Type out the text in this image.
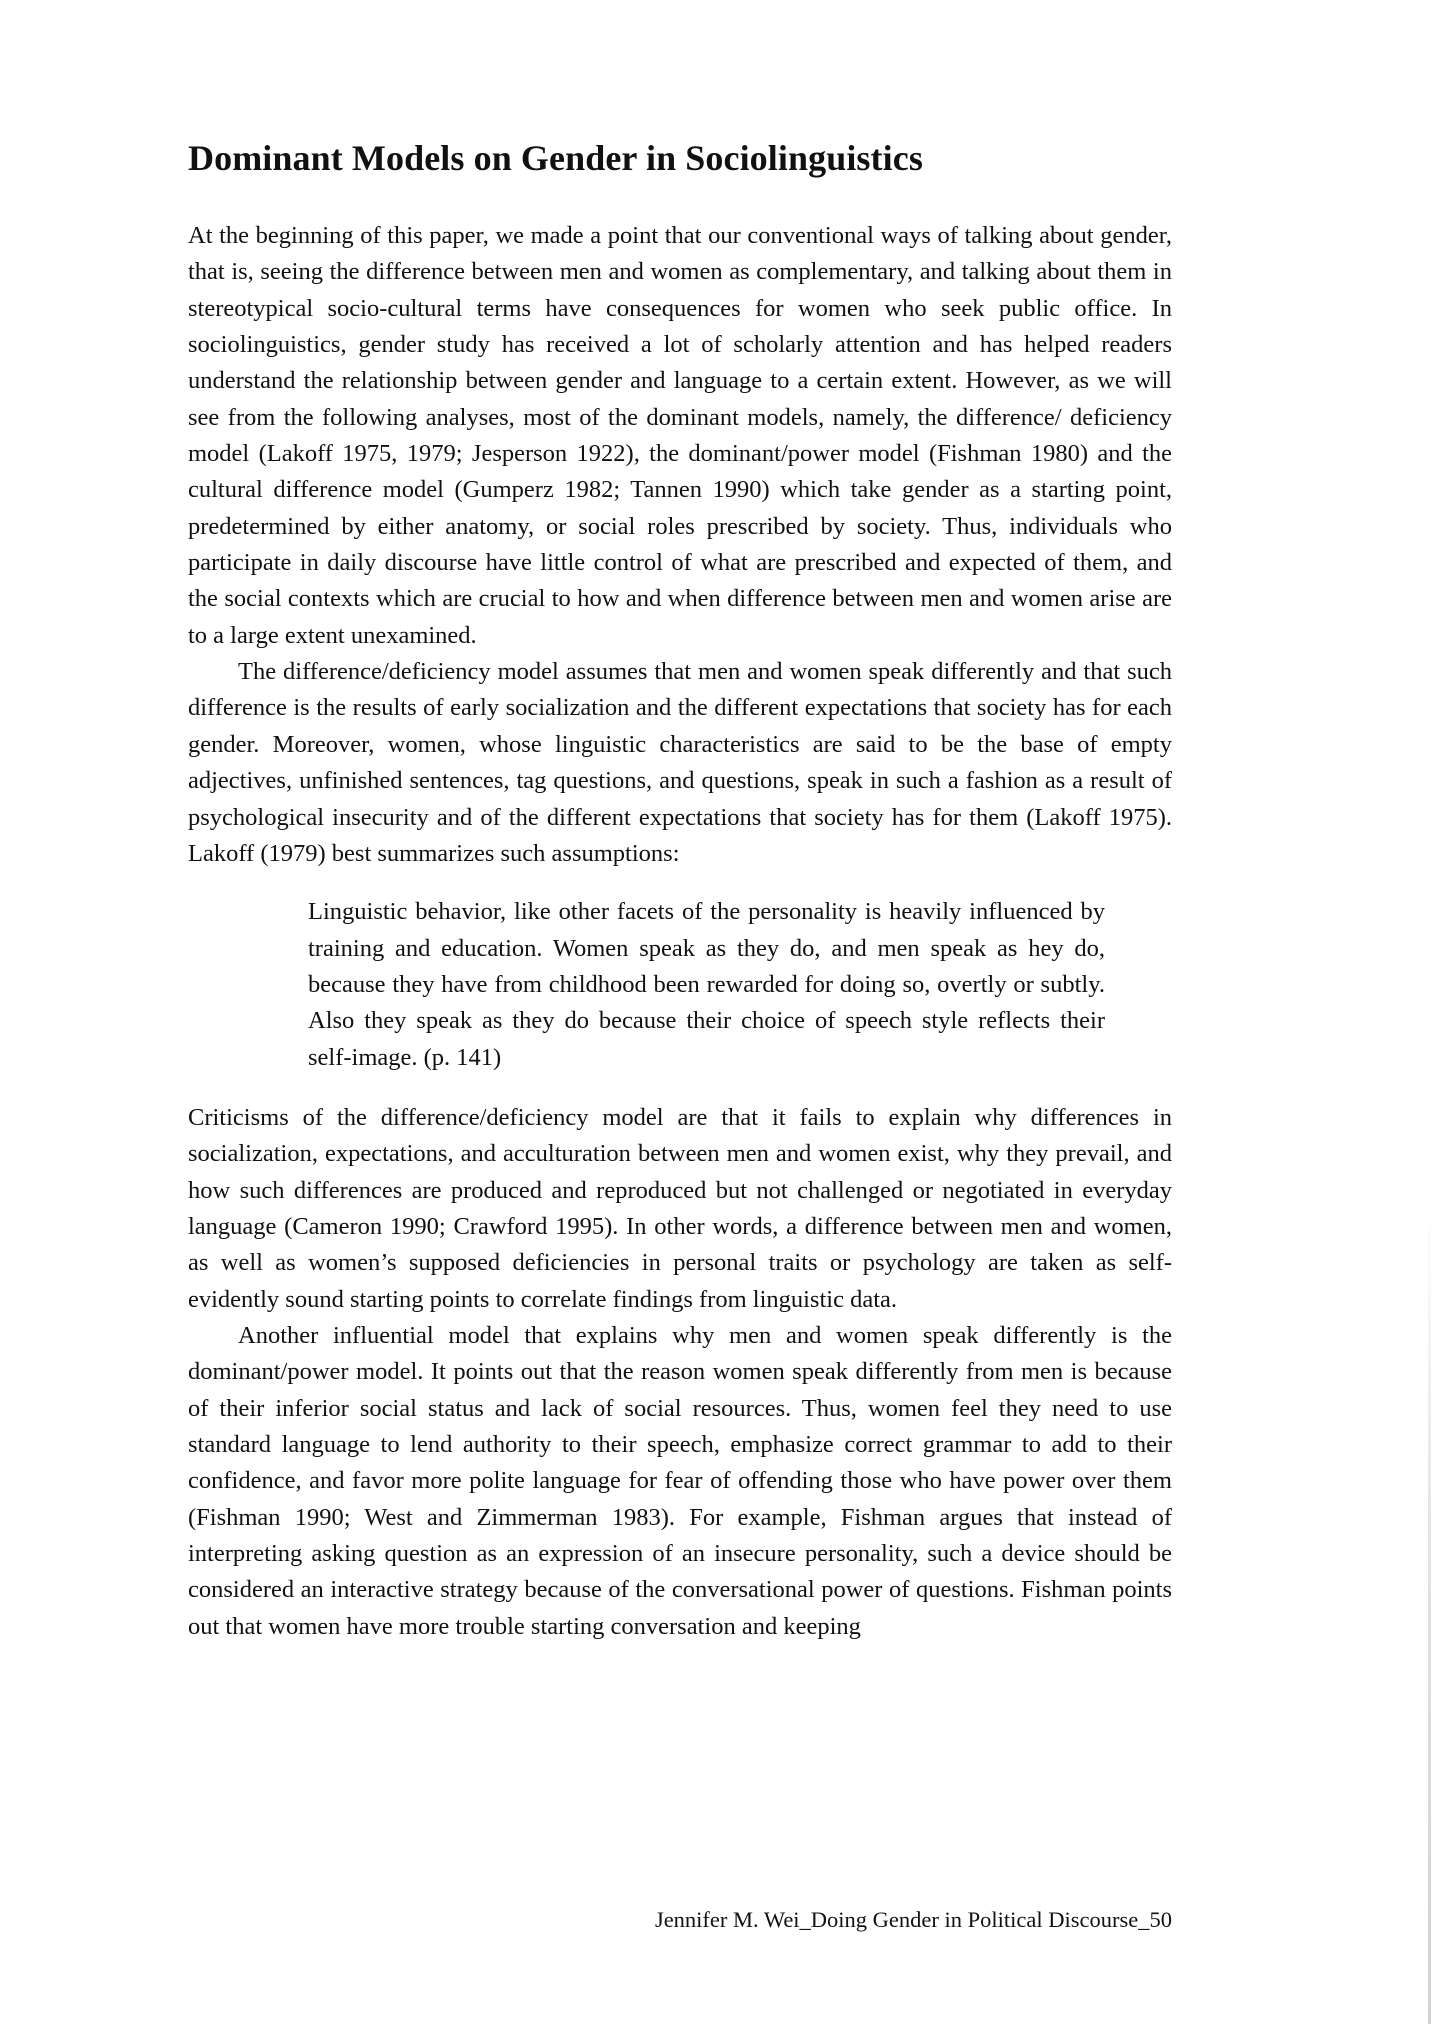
Dominant Models on Gender in Sociolinguistics

At the beginning of this paper, we made a point that our conventional ways of talking about gender, that is, seeing the difference between men and women as complementary, and talking about them in stereotypical socio-cultural terms have consequences for women who seek public office. In sociolinguistics, gender study has received a lot of scholarly attention and has helped readers understand the relationship between gender and language to a certain extent. However, as we will see from the following analyses, most of the dominant models, namely, the difference/ deficiency model (Lakoff 1975, 1979; Jesperson 1922), the dominant/power model (Fishman 1980) and the cultural difference model (Gumperz 1982; Tannen 1990) which take gender as a starting point, predetermined by either anatomy, or social roles prescribed by society. Thus, individuals who participate in daily discourse have little control of what are prescribed and expected of them, and the social contexts which are crucial to how and when difference between men and women arise are to a large extent unexamined.

The difference/deficiency model assumes that men and women speak differently and that such difference is the results of early socialization and the different expectations that society has for each gender. Moreover, women, whose linguistic characteristics are said to be the base of empty adjectives, unfinished sentences, tag questions, and questions, speak in such a fashion as a result of psychological insecurity and of the different expectations that society has for them (Lakoff 1975). Lakoff (1979) best summarizes such assumptions:

Linguistic behavior, like other facets of the personality is heavily influenced by training and education. Women speak as they do, and men speak as hey do, because they have from childhood been rewarded for doing so, overtly or subtly. Also they speak as they do because their choice of speech style reflects their self-image. (p. 141)

Criticisms of the difference/deficiency model are that it fails to explain why differences in socialization, expectations, and acculturation between men and women exist, why they prevail, and how such differences are produced and reproduced but not challenged or negotiated in everyday language (Cameron 1990; Crawford 1995). In other words, a difference between men and women, as well as women’s supposed deficiencies in personal traits or psychology are taken as self-evidently sound starting points to correlate findings from linguistic data.

Another influential model that explains why men and women speak differently is the dominant/power model. It points out that the reason women speak differently from men is because of their inferior social status and lack of social resources. Thus, women feel they need to use standard language to lend authority to their speech, emphasize correct grammar to add to their confidence, and favor more polite language for fear of offending those who have power over them (Fishman 1990; West and Zimmerman 1983). For example, Fishman argues that instead of interpreting asking question as an expression of an insecure personality, such a device should be considered an interactive strategy because of the conversational power of questions. Fishman points out that women have more trouble starting conversation and keeping

Jennifer M. Wei_Doing Gender in Political Discourse_50
